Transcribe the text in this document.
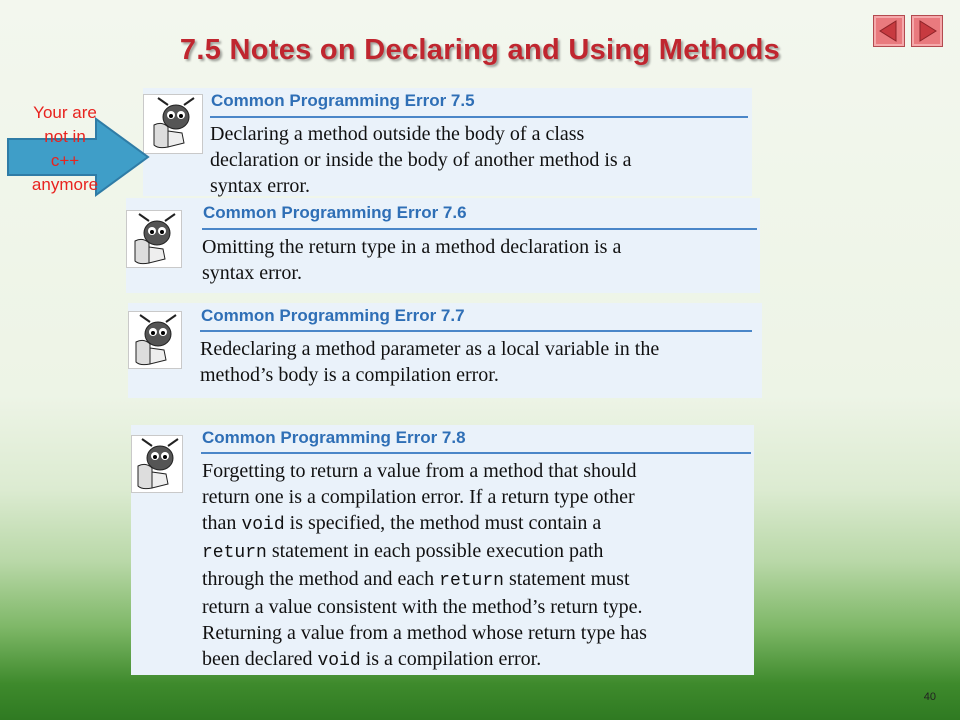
7.5 Notes on Declaring and Using Methods
Your are
not in
c++
anymore
Common Programming Error 7.5
Declaring a method outside the body of a class
declaration or inside the body of another method is a
syntax error.
Common Programming Error 7.6
Omitting the return type in a method declaration is a
syntax error.
Common Programming Error 7.7
Redeclaring a method parameter as a local variable in the
method’s body is a compilation error.
Common Programming Error 7.8
Forgetting to return a value from a method that should
return one is a compilation error. If a return type other
than void is specified, the method must contain a
return statement in each possible execution path
through the method and each return statement must
return a value consistent with the method’s return type.
Returning a value from a method whose return type has
been declared void is a compilation error.
40
